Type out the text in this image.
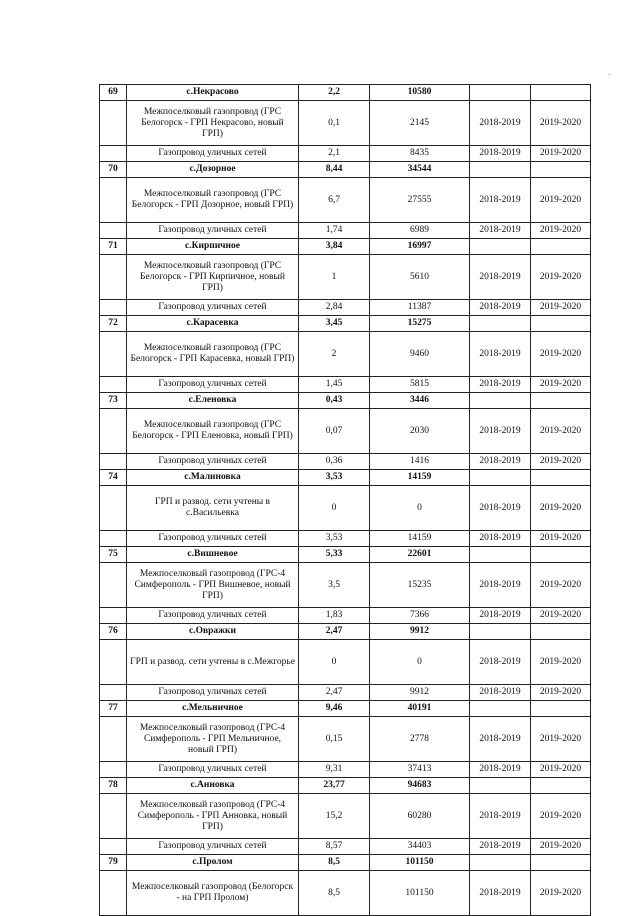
.
69	с.Некрасово	2,2	10580		
	Межпоселковый газопровод (ГРС Белогорск - ГРП Некрасово, новый ГРП)	0,1	2145	2018-2019	2019-2020
	Газопровод уличных сетей	2,1	8435	2018-2019	2019-2020
70	с.Дозорное	8,44	34544		
	Межпоселковый газопровод (ГРС Белогорск - ГРП Дозорное, новый ГРП)	6,7	27555	2018-2019	2019-2020
	Газопровод уличных сетей	1,74	6989	2018-2019	2019-2020
71	с.Кирпичное	3,84	16997		
	Межпоселковый газопровод (ГРС Белогорск - ГРП Кирпичное, новый ГРП)	1	5610	2018-2019	2019-2020
	Газопровод уличных сетей	2,84	11387	2018-2019	2019-2020
72	с.Карасевка	3,45	15275		
	Межпоселковый газопровод (ГРС Белогорск - ГРП Карасевка, новый ГРП)	2	9460	2018-2019	2019-2020
	Газопровод уличных сетей	1,45	5815	2018-2019	2019-2020
73	с.Еленовка	0,43	3446		
	Межпоселковый газопровод (ГРС Белогорск - ГРП Еленовка, новый ГРП)	0,07	2030	2018-2019	2019-2020
	Газопровод уличных сетей	0,36	1416	2018-2019	2019-2020
74	с.Малиновка	3,53	14159		
	ГРП и развод. сети учтены в с.Васильевка	0	0	2018-2019	2019-2020
	Газопровод уличных сетей	3,53	14159	2018-2019	2019-2020
75	с.Вишневое	5,33	22601		
	Межпоселковый газопровод (ГРС-4 Симферополь - ГРП Вишневое, новый ГРП)	3,5	15235	2018-2019	2019-2020
	Газопровод уличных сетей	1,83	7366	2018-2019	2019-2020
76	с.Овражки	2,47	9912		
	ГРП и развод. сети учтены в с.Межгорье	0	0	2018-2019	2019-2020
	Газопровод уличных сетей	2,47	9912	2018-2019	2019-2020
77	с.Мельничное	9,46	40191		
	Межпоселковый газопровод (ГРС-4 Симферополь - ГРП Мельничное, новый ГРП)	0,15	2778	2018-2019	2019-2020
	Газопровод уличных сетей	9,31	37413	2018-2019	2019-2020
78	с.Анновка	23,77	94683		
	Межпоселковый газопровод (ГРС-4 Симферополь - ГРП Анновка, новый ГРП)	15,2	60280	2018-2019	2019-2020
	Газопровод уличных сетей	8,57	34403	2018-2019	2019-2020
79	с.Пролом	8,5	101150		
	Межпоселковый газопровод (Белогорск - на ГРП Пролом)	8,5	101150	2018-2019	2019-2020
